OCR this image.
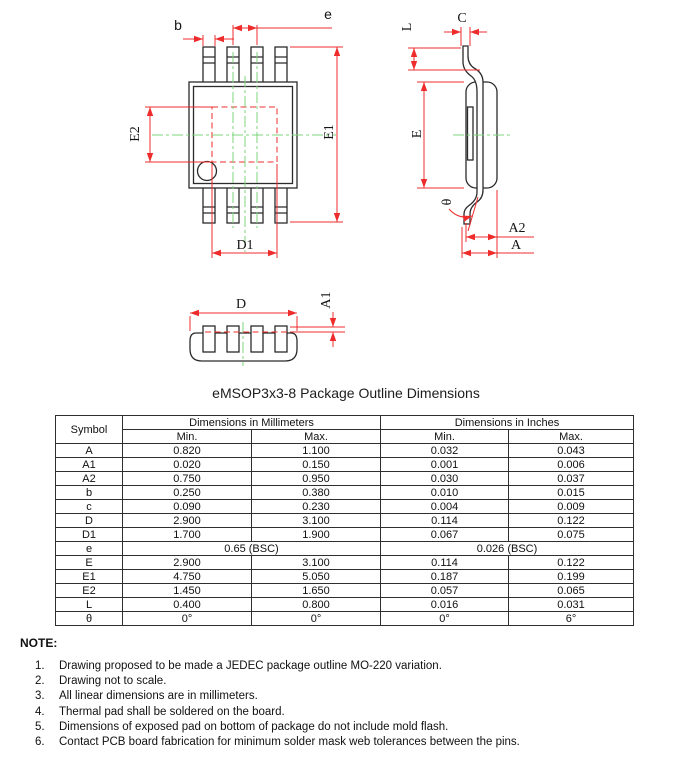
b
e
E2	E1
D1
L
C
E
θ
A2
A
D	A1
eMSOP3x3-8 Package Outline Dimensions
Symbol	Dimensions in Millimeters		Dimensions in Inches	
	Min.	Max.	Min.	Max.
A	0.820	1.100	0.032	0.043
A1	0.020	0.150	0.001	0.006
A2	0.750	0.950	0.030	0.037
b	0.250	0.380	0.010	0.015
c	0.090	0.230	0.004	0.009
D	2.900	3.100	0.114	0.122
D1	1.700	1.900	0.067	0.075
e	0.65 (BSC)		0.026 (BSC)	
E	2.900	3.100	0.114	0.122
E1	4.750	5.050	0.187	0.199
E2	1.450	1.650	0.057	0.065
L	0.400	0.800	0.016	0.031
θ	0°	0°	0°	6°
NOTE:
1.	Drawing proposed to be made a JEDEC package outline MO-220 variation.
2.	Drawing not to scale.
3.	All linear dimensions are in millimeters.
4.	Thermal pad shall be soldered on the board.
5.	Dimensions of exposed pad on bottom of package do not include mold flash.
6.	Contact PCB board fabrication for minimum solder mask web tolerances between the pins.
